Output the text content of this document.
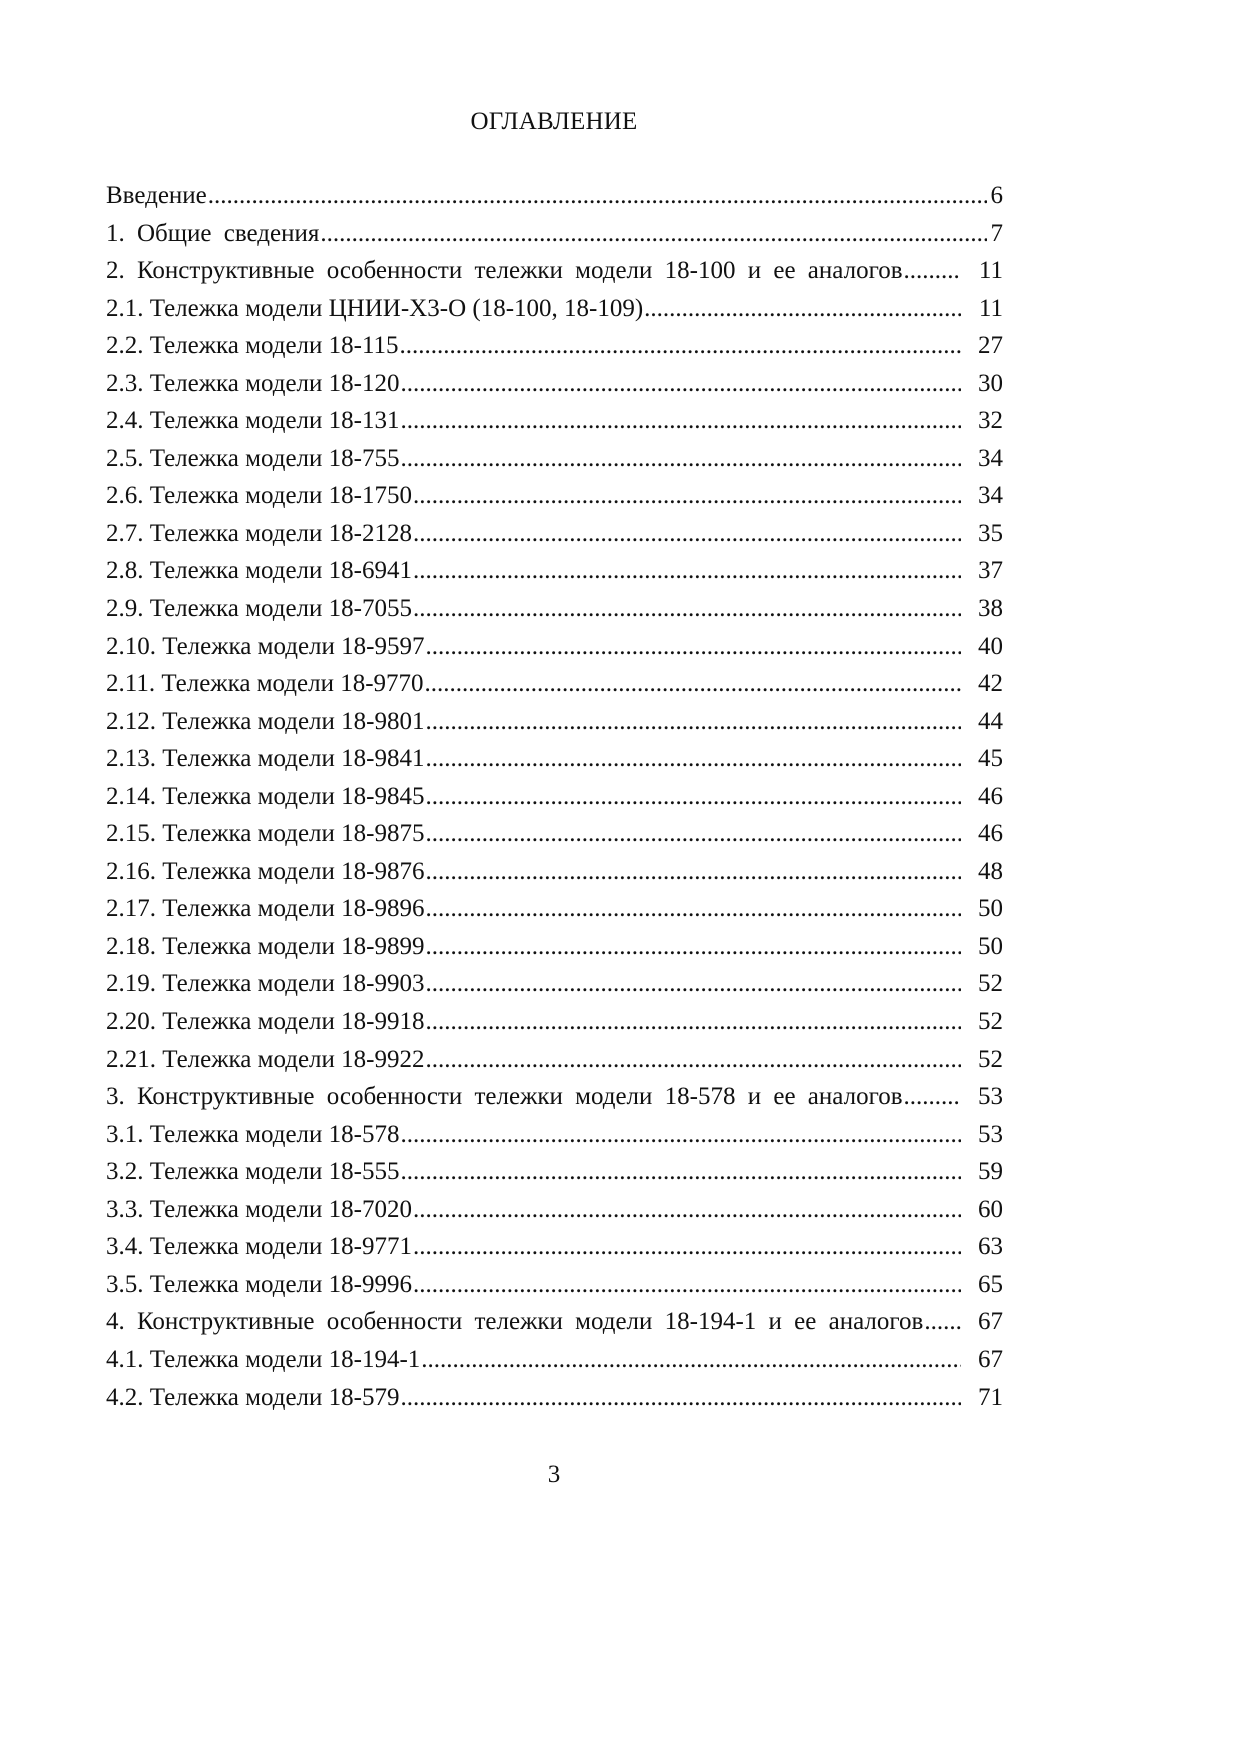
ОГЛАВЛЕНИЕ
Введение .....	6
1. Общие сведения .....	7
2. Конструктивные особенности тележки модели 18-100 и ее аналогов .....	11
2.1. Тележка модели ЦНИИ-Х3-О (18-100, 18-109) .....	11
2.2. Тележка модели 18-115 .....	27
2.3. Тележка модели 18-120 .....	30
2.4. Тележка модели 18-131 .....	32
2.5. Тележка модели 18-755 .....	34
2.6. Тележка модели 18-1750 .....	34
2.7. Тележка модели 18-2128 .....	35
2.8. Тележка модели 18-6941 .....	37
2.9. Тележка модели 18-7055 .....	38
2.10. Тележка модели 18-9597 .....	40
2.11. Тележка модели 18-9770 .....	42
2.12. Тележка модели 18-9801 .....	44
2.13. Тележка модели 18-9841 .....	45
2.14. Тележка модели 18-9845 .....	46
2.15. Тележка модели 18-9875 .....	46
2.16. Тележка модели 18-9876 .....	48
2.17. Тележка модели 18-9896 .....	50
2.18. Тележка модели 18-9899 .....	50
2.19. Тележка модели 18-9903 .....	52
2.20. Тележка модели 18-9918 .....	52
2.21. Тележка модели 18-9922 .....	52
3. Конструктивные особенности тележки модели 18-578 и ее аналогов .....	53
3.1. Тележка модели 18-578 .....	53
3.2. Тележка модели 18-555 .....	59
3.3. Тележка модели 18-7020 .....	60
3.4. Тележка модели 18-9771 .....	63
3.5. Тележка модели 18-9996 .....	65
4. Конструктивные особенности тележки модели 18-194-1 и ее аналогов .....	67
4.1. Тележка модели 18-194-1 .....	67
4.2. Тележка модели 18-579 .....	71
3
